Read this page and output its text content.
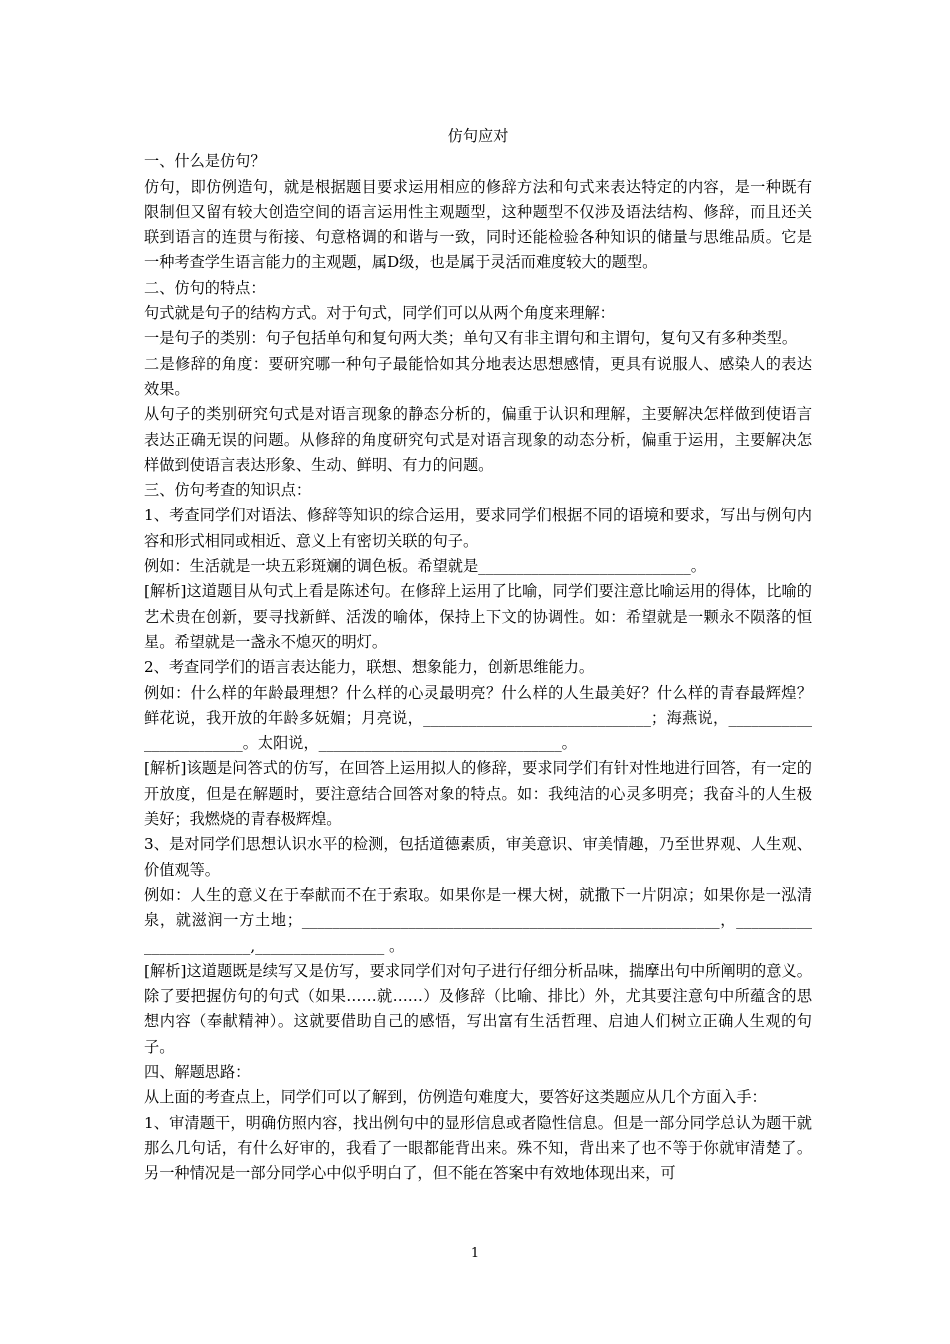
仿句应对

一、什么是仿句？

仿句，即仿例造句，就是根据题目要求运用相应的修辞方法和句式来表达特定的内容，是一种既有限制但又留有较大创造空间的语言运用性主观题型，这种题型不仅涉及语法结构、修辞，而且还关联到语言的连贯与衔接、句意格调的和谐与一致，同时还能检验各种知识的储量与思维品质。它是一种考查学生语言能力的主观题，属D级，也是属于灵活而难度较大的题型。

二、仿句的特点：

句式就是句子的结构方式。对于句式，同学们可以从两个角度来理解：

一是句子的类别：句子包括单句和复句两大类；单句又有非主谓句和主谓句，复句又有多种类型。

二是修辞的角度：要研究哪一种句子最能恰如其分地表达思想感情，更具有说服人、感染人的表达效果。

从句子的类别研究句式是对语言现象的静态分析的，偏重于认识和理解，主要解决怎样做到使语言表达正确无误的问题。从修辞的角度研究句式是对语言现象的动态分析，偏重于运用，主要解决怎样做到使语言表达形象、生动、鲜明、有力的问题。

三、仿句考查的知识点：

1、考查同学们对语法、修辞等知识的综合运用，要求同学们根据不同的语境和要求，写出与例句内容和形式相同或相近、意义上有密切关联的句子。

例如：生活就是一块五彩斑斓的调色板。希望就是____________________________。

[解析]这道题目从句式上看是陈述句。在修辞上运用了比喻，同学们要注意比喻运用的得体，比喻的艺术贵在创新，要寻找新鲜、活泼的喻体，保持上下文的协调性。如：希望就是一颗永不陨落的恒星。希望就是一盏永不熄灭的明灯。

2、考查同学们的语言表达能力，联想、想象能力，创新思维能力。

例如：什么样的年龄最理想？什么样的心灵最明亮？什么样的人生最美好？什么样的青春最辉煌？鲜花说，我开放的年龄多妩媚；月亮说，______________________________；海燕说，________________________。太阳说，________________________________。

[解析]该题是问答式的仿写，在回答上运用拟人的修辞，要求同学们有针对性地进行回答，有一定的开放度，但是在解题时，要注意结合回答对象的特点。如：我纯洁的心灵多明亮；我奋斗的人生极美好；我燃烧的青春极辉煌。

3、是对同学们思想认识水平的检测，包括道德素质，审美意识、审美情趣，乃至世界观、人生观、价值观等。

例如：人生的意义在于奉献而不在于索取。如果你是一棵大树，就撒下一片阴凉；如果你是一泓清泉，就滋润一方土地；_______________________________________________________，________________________,_________________ 。

[解析]这道题既是续写又是仿写，要求同学们对句子进行仔细分析品味，揣摩出句中所阐明的意义。除了要把握仿句的句式（如果……就……）及修辞（比喻、排比）外，尤其要注意句中所蕴含的思想内容（奉献精神）。这就要借助自己的感悟，写出富有生活哲理、启迪人们树立正确人生观的句子。

四、解题思路：

从上面的考查点上，同学们可以了解到，仿例造句难度大，要答好这类题应从几个方面入手：

1、审清题干，明确仿照内容，找出例句中的显形信息或者隐性信息。但是一部分同学总认为题干就那么几句话，有什么好审的，我看了一眼都能背出来。殊不知，背出来了也不等于你就审清楚了。另一种情况是一部分同学心中似乎明白了，但不能在答案中有效地体现出来，可

1
